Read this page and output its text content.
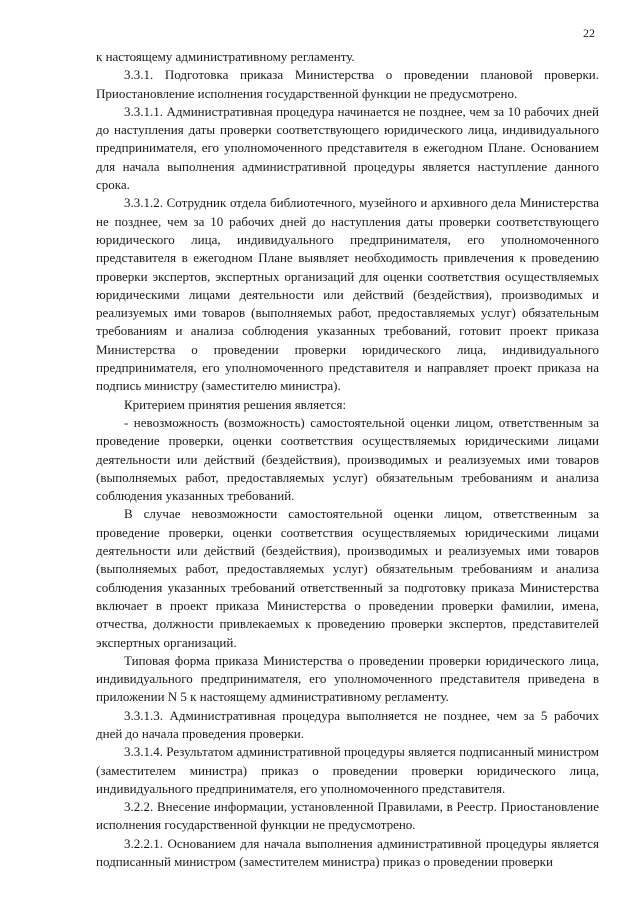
22

к настоящему административному регламенту.

3.3.1. Подготовка приказа Министерства о проведении плановой проверки. Приостановление исполнения государственной функции не предусмотрено.

3.3.1.1. Административная процедура начинается не позднее, чем за 10 рабочих дней до наступления даты проверки соответствующего юридического лица, индивидуального предпринимателя, его уполномоченного представителя в ежегодном Плане. Основанием для начала выполнения административной процедуры является наступление данного срока.

3.3.1.2. Сотрудник отдела библиотечного, музейного и архивного дела Министерства не позднее, чем за 10 рабочих дней до наступления даты проверки соответствующего юридического лица, индивидуального предпринимателя, его уполномоченного представителя в ежегодном Плане выявляет необходимость привлечения к проведению проверки экспертов, экспертных организаций для оценки соответствия осуществляемых юридическими лицами деятельности или действий (бездействия), производимых и реализуемых ими товаров (выполняемых работ, предоставляемых услуг) обязательным требованиям и анализа соблюдения указанных требований, готовит проект приказа Министерства о проведении проверки юридического лица, индивидуального предпринимателя, его уполномоченного представителя и направляет проект приказа на подпись министру (заместителю министра).

Критерием принятия решения является:

- невозможность (возможность) самостоятельной оценки лицом, ответственным за проведение проверки, оценки соответствия осуществляемых юридическими лицами деятельности или действий (бездействия), производимых и реализуемых ими товаров (выполняемых работ, предоставляемых услуг) обязательным требованиям и анализа соблюдения указанных требований.

В случае невозможности самостоятельной оценки лицом, ответственным за проведение проверки, оценки соответствия осуществляемых юридическими лицами деятельности или действий (бездействия), производимых и реализуемых ими товаров (выполняемых работ, предоставляемых услуг) обязательным требованиям и анализа соблюдения указанных требований ответственный за подготовку приказа Министерства включает в проект приказа Министерства о проведении проверки фамилии, имена, отчества, должности привлекаемых к проведению проверки экспертов, представителей экспертных организаций.

Типовая форма приказа Министерства о проведении проверки юридического лица, индивидуального предпринимателя, его уполномоченного представителя приведена в приложении N 5 к настоящему административному регламенту.

3.3.1.3. Административная процедура выполняется не позднее, чем за 5 рабочих дней до начала проведения проверки.

3.3.1.4. Результатом административной процедуры является подписанный министром (заместителем министра) приказ о проведении проверки юридического лица, индивидуального предпринимателя, его уполномоченного представителя.

3.2.2. Внесение информации, установленной Правилами, в Реестр. Приостановление исполнения государственной функции не предусмотрено.

3.2.2.1. Основанием для начала выполнения административной процедуры является подписанный министром (заместителем министра) приказ о проведении проверки
